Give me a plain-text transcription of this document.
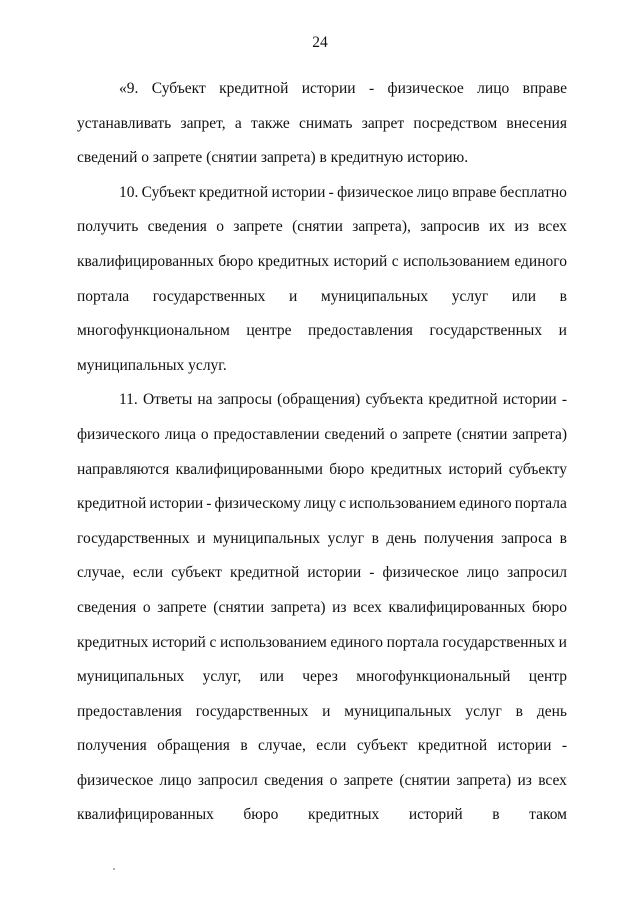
24
«9. Субъект кредитной истории - физическое лицо вправе
устанавливать запрет, а также снимать запрет посредством внесения
сведений о запрете (снятии запрета) в кредитную историю.
10. Субъект кредитной истории - физическое лицо вправе бесплатно
получить сведения о запрете (снятии запрета), запросив их из всех
квалифицированных бюро кредитных историй с использованием единого
портала государственных и муниципальных услуг или в
многофункциональном центре предоставления государственных и
муниципальных услуг.
11. Ответы на запросы (обращения) субъекта кредитной истории -
физического лица о предоставлении сведений о запрете (снятии запрета)
направляются квалифицированными бюро кредитных историй субъекту
кредитной истории - физическому лицу с использованием единого портала
государственных и муниципальных услуг в день получения запроса в
случае, если субъект кредитной истории - физическое лицо запросил
сведения о запрете (снятии запрета) из всех квалифицированных бюро
кредитных историй с использованием единого портала государственных и
муниципальных услуг, или через многофункциональный центр
предоставления государственных и муниципальных услуг в день
получения обращения в случае, если субъект кредитной истории -
физическое лицо запросил сведения о запрете (снятии запрета) из всех
квалифицированных бюро кредитных историй в таком
